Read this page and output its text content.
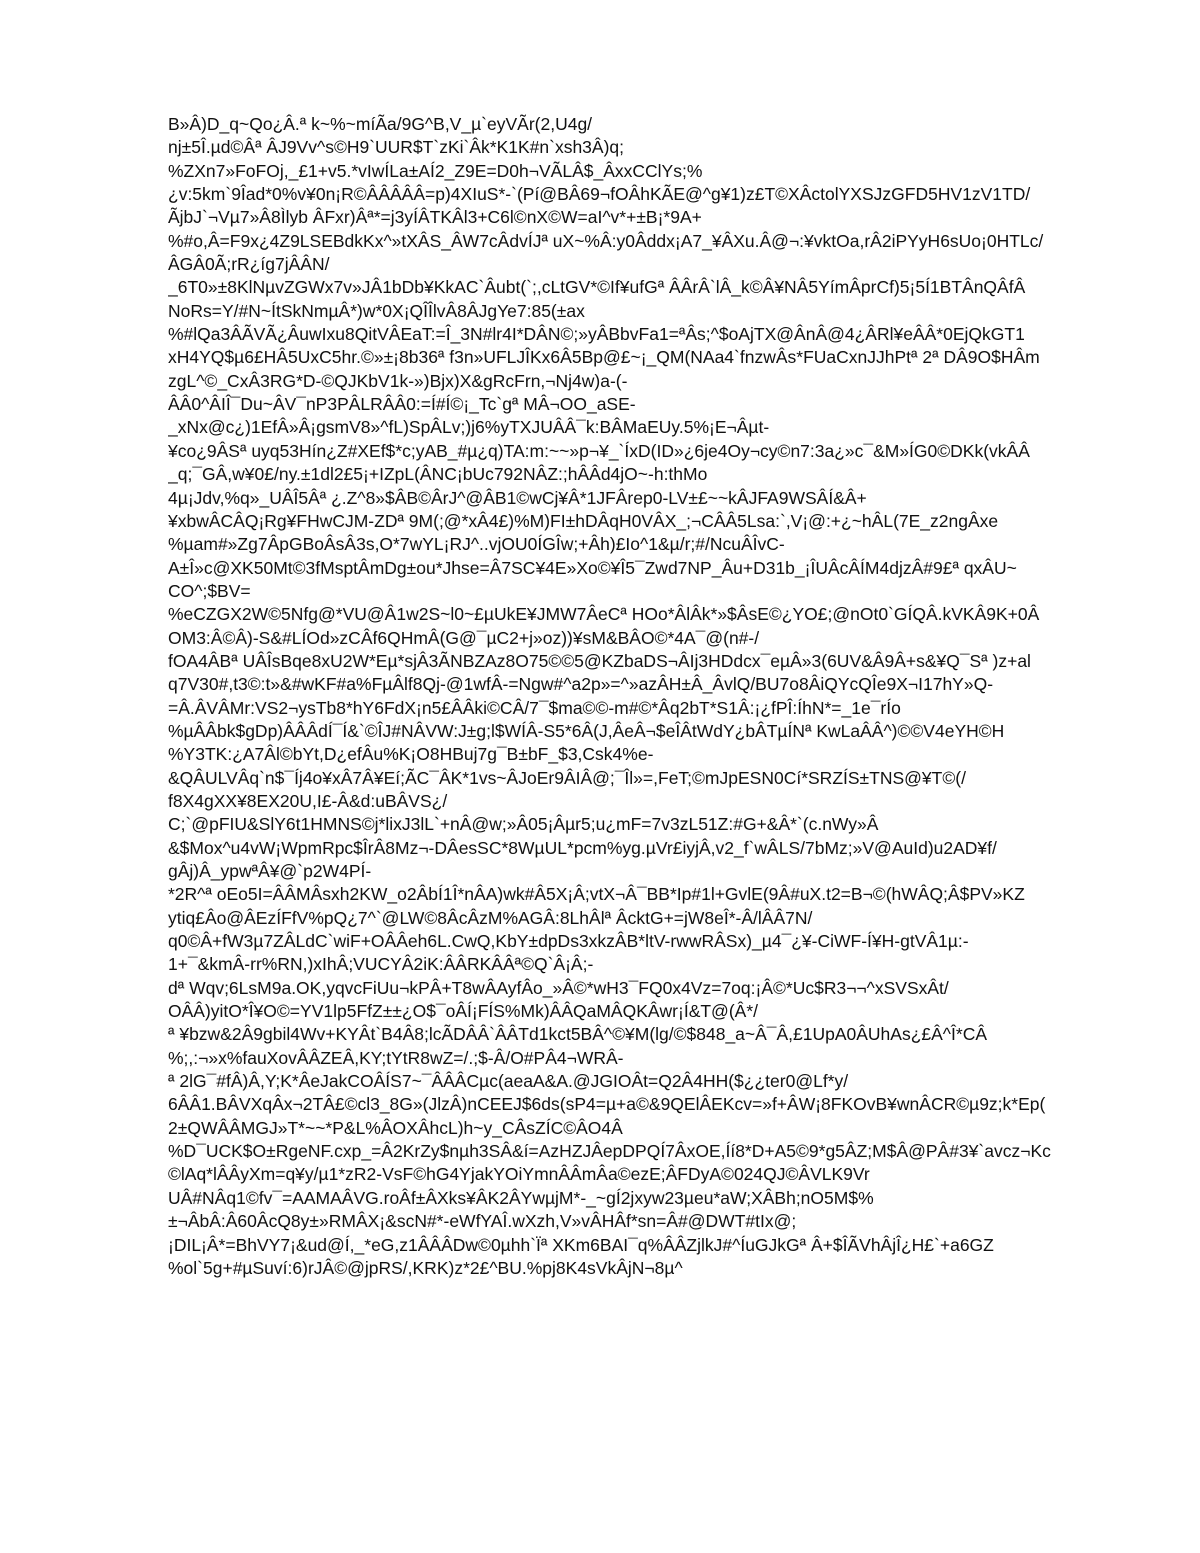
B»Â)D_q~Qo¿Â.ª k~%~míÃa/9G^B,V_µ`eyVÃr(2,U4g/
nj±5Î.µd©Âª ÂJ9Vv^s©H9`UUR$T`zKi`Âk*K1K#n`xsh3Â)q;
%ZXn7»FoFOj,_£1+v5.*vIwÍLa±AÍ2_Z9E=D0h¬VÃLÂ$_ÂxxCClYs;%
¿v:5km`9Îad*0%v¥0n¡R©ÂÂÂÂÂ=p)4XIuS*-`(Pí@BÂ69¬fOÂhKÃE@^g¥1)z£T©XÂctolYXSJzGFD5HV1zV1TD/
ÃjbJ`¬Vµ7»Â8Ìlyb ÂFxr)Âª*=j3yÍÂTKÂl3+C6l©nX©W=aI^v*+±B¡*9A+
%#o,Â=F9x¿4Z9LSEBdkKx^»tXÂS_ÂW7cÂdvÍJª uX~%Â:y0Âddx¡A7_¥ÂXu.Â@¬:¥vktOa,rÂ2iPYyH6sUo¡0HTLc/
ÂGÂ0Ã;rR¿íg7jÂÂN/
_6T0»±8KlNµvZGWx7v»JÂ1bDb¥KkAC`Âubt(`;,cLtGV*©If¥ufGª ÂÂrÂ`lÂ_k©Â¥NÂ5YímÂprCf)5¡5Í1BTÂnQÂfÂ
NoRs=Y/#N~ÍtSkNmµÂ*)w*0X¡QÎÎlvÂ8ÂJgYe7:85(±ax
%#lQa3ÂÃVÃ¿ÂuwIxu8QitVÂEaT:=Î_3N#lr4I*DÂN©;»yÂBbvFa1=ªÂs;^$oAjTX@ÂnÂ@4¿ÂRl¥eÂÂ*0EjQkGT1
xH4YQ$µ6£HÂ5UxC5hr.©»±¡8b36ª f3n»UFLJÎKx6Â5Bp@£~¡_QM(NAa4`fnzwÂs*FUaCxnJJhPtª 2ª DÂ9O$HÂm
zgL^©_CxÂ3RG*D-©QJKbV1k-»)Bjx)X&gRcFrn,¬Nj4w)a-(-
ÂÂ0^ÂIÎ¯Du~ÂV¯nP3PÂLRÂÂ0:=Í#Í©¡_Tc`gª MÂ¬OO_aSE-
_xNx@c¿)1EfÂ»Â¡gsmV8»^fL)SpÂLv;)j6%yTXJUÂÂ¯k:BÂMaEUy.5%¡E¬Âµt-
¥co¿9ÂSª uyq53Hín¿Z#XEf$*c;yAB_#µ¿q)TA:m:~~»p¬¥_`ÍxD(ID»¿6je4Oy¬cy©n7:3a¿»c¯&M»ÍG0©DKk(vkÂÂ
_q;¯GÂ,w¥0£/ny.±1dl2£5¡+IZpL(ÂNC¡bUc792NÂZ:;hÂÂd4jO~-h:thMo
4µ¡Jdv,%q»_UÂÎ5Âª ¿.Z^8»$ÂB©ÂrJ^@ÂB1©wCj¥Â*1JFÂrep0-LV±£~~kÂJFA9WSÂÍ&Â+
¥xbwÂCÂQ¡Rg¥FHwCJM-ZDª 9M(;@*xÂ4£)%M)FI±hDÂqH0VÂX_;¬CÂÂ5Lsa:`,V¡@:+¿~hÂL(7E_z2ngÂxe
%µam#»Zg7ÂpGBoÂsÂ3s,O*7wYL¡RJ^..vjOU0ÍGÎw;+Âh)£Io^1&µ/r;#/NcuÂÎvC-
A±Î»c@XK50Mt©3fMsptÂmDg±ou*Jhse=Â7SC¥4E»Xo©¥Î5¯Zwd7NP_Âu+D31b_¡ÎUÂcÂÍM4djzÂ#9£ª qxÂU~
CO^;$BV=
%eCZGX2W©5Nfg@*VU@Â1w2S~l0~£µUkE¥JMW7ÂeCª HOo*ÂlÂk*»$ÂsE©¿YO£;@nOt0`GÍQÂ.kVKÂ9K+0Â
OM3:Â©Â)-S&#LÍOd»zCÂf6QHmÂ(G@¯µC2+j»oz))¥sM&BÂO©*4A¯@(n#-/
fOA4ÂBª UÂÎsBqe8xU2W*Eµ*sjÂ3ÃNBZAz8O75©©5@KZbaDS¬ÂIj3HDdcx¯eµÂ»3(6UV&Â9Â+s&¥Q¯Sª )z+al
q7V30#,t3©:t»&#wKF#a%FµÂlf8Qj-@1wfÂ-=Ngw#^a2p»=^»azÂH±Â_ÂvlQ/BU7o8ÂiQYcQÎe9X¬I17hY»Q-
=Â.ÂVÂMr:VS2¬ysTb8*hY6FdX¡n5£ÂÂki©CÂ/7¯$ma©©-m#©*Âq2bT*S1Â:¡¿fPÎ:ÍhN*=_1e¯rÍo
%µÂÂbk$gDp)ÂÂÂdÍ¯Í&`©ÎJ#NÂVW:J±g;l$WÍÂ-S5*6Â(J,ÂeÂ¬$eÎÂtWdY¿bÂTµÍNª KwLaÂÂ^)©©V4eYH©H
%Y3TK:¿A7Âl©bYt,D¿efÂu%K¡O8HBuj7g¯B±bF_$3,Csk4%e-
&QÂULVÂq`n$¯Íj4o¥xÂ7Â¥Eí;ÃC¯ÂK*1vs~ÂJoEr9ÂIÂ@;¯Îl»=,FeT;©mJpESN0Cí*SRZÍS±TNS@¥T©(/
f8X4gXX¥8EX20U,I£-Â&d:uBÂVS¿/
C;`@pFIU&SlY6t1HMNS©j*lixJ3lL`+nÂ@w;»Â05¡Âµr5;u¿mF=7v3zL51Z:#G+&Â*`(c.nWy»Â
&$Mox^u4vW¡WpmRpc$ÎrÂ8Mz¬-DÂesSC*8WµUL*pcm%yg.µVr£iyjÂ,v2_f`wÂLS/7bMz;»V@AuId)u2AD¥f/
gÂj)Â_ypwªÂ¥@`p2W4PÍ-
*2R^ª oEo5I=ÂÂMÂsxh2KW_o2ÂbÍ1Î*nÂA)wk#Â5X¡Â;vtX¬Â¯BB*Ip#1l+GvlE(9Â#uX.t2=B¬©(hWÂQ;Â$PV»KZ
ytiq£Âo@ÂEzÍFfV%pQ¿7^`@LW©8ÂcÂzM%AGÂ:8LhÂlª ÂcktG+=jW8eÎ*-Â/lÂÂ7N/
q0©Â+fW3µ7ZÂLdC`wiF+OÂÂeh6L.CwQ,KbY±dpDs3xkzÂB*ltV-rwwRÂSx)_µ4¯¿¥-CiWF-Í¥H-gtVÂ1µ:-
1+¯&kmÂ-rr%RN,)xIhÂ;VUCYÂ2iK:ÂÂRKÂÂª©Q`Â¡Â;-
dª Wqv;6LsM9a.OK,yqvcFiUu¬kPÂ+T8wÂAyfÂo_»Â©*wH3¯FQ0x4Vz=7oq:¡Â©*Uc$R3¬¬^xSVSxÂt/
OÂÂ)yitO*Î¥O©=YV1lp5FfZ±±¿O$¯oÂÍ¡FÍS%Mk)ÂÂQaMÂQKÂwr¡Í&T@(Â*/
ª ¥bzw&2Â9gbil4Wv+KYÂt`B4Â8;lcÃDÂÂ`ÂÂTd1kct5BÂ^©¥M(lg/©$848_a~Â¯Â,£1UpA0ÂUhAs¿£Â^Î*CÂ
%;,:¬»x%fauXovÂÂZEÂ,KY;tYtR8wZ=/.;$-Â/O#PÂ4¬WRÂ-
ª 2lG¯#fÂ)Â,Y;K*ÂeJakCOÂÍS7~¯ÂÂÂCµc(aeaA&A.@JGIOÂt=Q2Â4HH($¿¿ter0@Lf*y/
6ÂÂ1.BÂVXqÂx¬2TÂ£©cl3_8G»(JlzÂ)nCEEJ$6ds(sP4=µ+a©&9QElÂEKcv=»f+ÂW¡8FKOvB¥wnÂCR©µ9z;k*Ep(
2±QWÂÂMGJ»T*~~*P&L%ÂOXÂhcL)h~y_CÂsZÍC©ÂO4Â
%D¯UCK$O±RgeNF.cxp_=Â2KrZy$nµh3SÂ&í=AzHZJÂepDPQÍ7ÂxOE,Íí8*D+A5©9*g5ÂZ;M$Â@PÂ#3¥`avcz¬Kc
©lAq*lÂÂyXm=q¥y/µ1*zR2-VsF©hG4YjakYOiYmnÂÂmÂa©ezE;ÂFDyA©024QJ©ÂVLK9Vr
UÂ#NÂq1©fv¯=AAMAÂVG.roÂf±ÂXks¥ÂK2ÂYwµjM*-_~gÍ2jxyw23µeu*aW;XÂBh;nO5M$%
±¬ÂbÂ:Â60ÂcQ8y±»RMÂX¡&scN#*-eWfYAÎ.wXzh,V»vÂHÂf*sn=Â#@DWT#tIx@;
¡DIL¡Â*=BhVY7¡&ud@Í,_*eG,z1ÂÂÂDw©0µhh`Ïª XKm6BAI¯q%ÂÂZjlkJ#^ÍuGJkGª Â+$ÎÃVhÂjÎ¿H£`+a6GZ
%ol`5g+#µSuví:6)rJÂ©@jpRS/,KRK)z*2£^BU.%pj8K4sVkÂjN¬8µ^
